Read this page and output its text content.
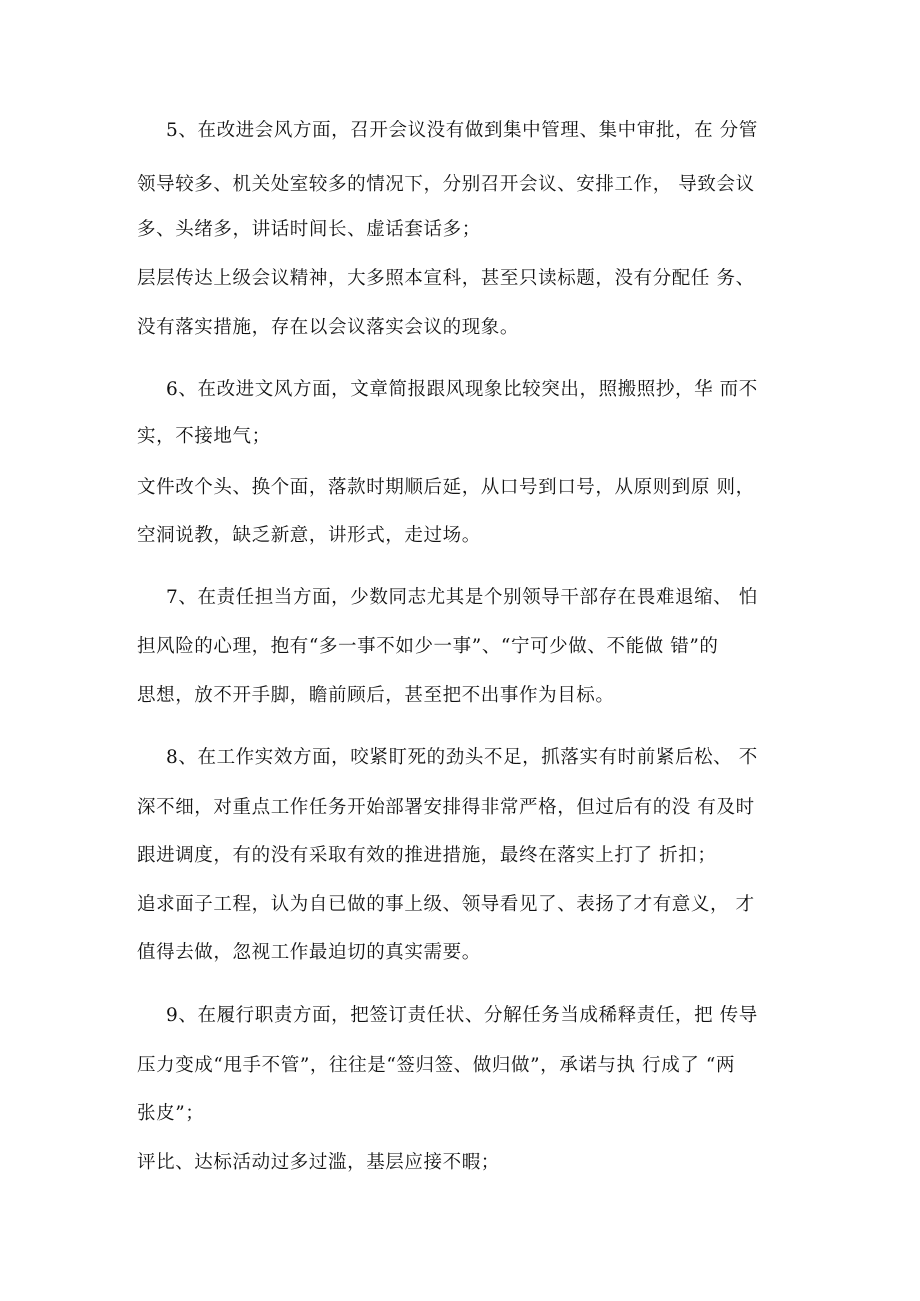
5、在改进会风方面，召开会议没有做到集中管理、集中审批，在 分管
领导较多、机关处室较多的情况下，分别召开会议、安排工作， 导致会议
多、头绪多，讲话时间长、虚话套话多；
层层传达上级会议精神，大多照本宣科，甚至只读标题，没有分配任 务、
没有落实措施，存在以会议落实会议的现象。
6、在改进文风方面，文章简报跟风现象比较突出，照搬照抄，华 而不
实，不接地气；
文件改个头、换个面，落款时期顺后延，从口号到口号，从原则到原 则，
空洞说教，缺乏新意，讲形式，走过场。
7、在责任担当方面，少数同志尤其是个别领导干部存在畏难退缩、 怕
担风险的心理，抱有“多一事不如少一事”、“宁可少做、不能做 错”的
思想，放不开手脚，瞻前顾后，甚至把不出事作为目标。
8、在工作实效方面，咬紧盯死的劲头不足，抓落实有时前紧后松、 不
深不细，对重点工作任务开始部署安排得非常严格，但过后有的没 有及时
跟进调度，有的没有采取有效的推进措施，最终在落实上打了 折扣；
追求面子工程，认为自已做的事上级、领导看见了、表扬了才有意义， 才
值得去做，忽视工作最迫切的真实需要。
9、在履行职责方面，把签订责任状、分解任务当成稀释责任，把 传导
压力变成“甩手不管”，往往是“签归签、做归做”，承诺与执 行成了 “两
张皮”；
评比、达标活动过多过滥，基层应接不暇；
